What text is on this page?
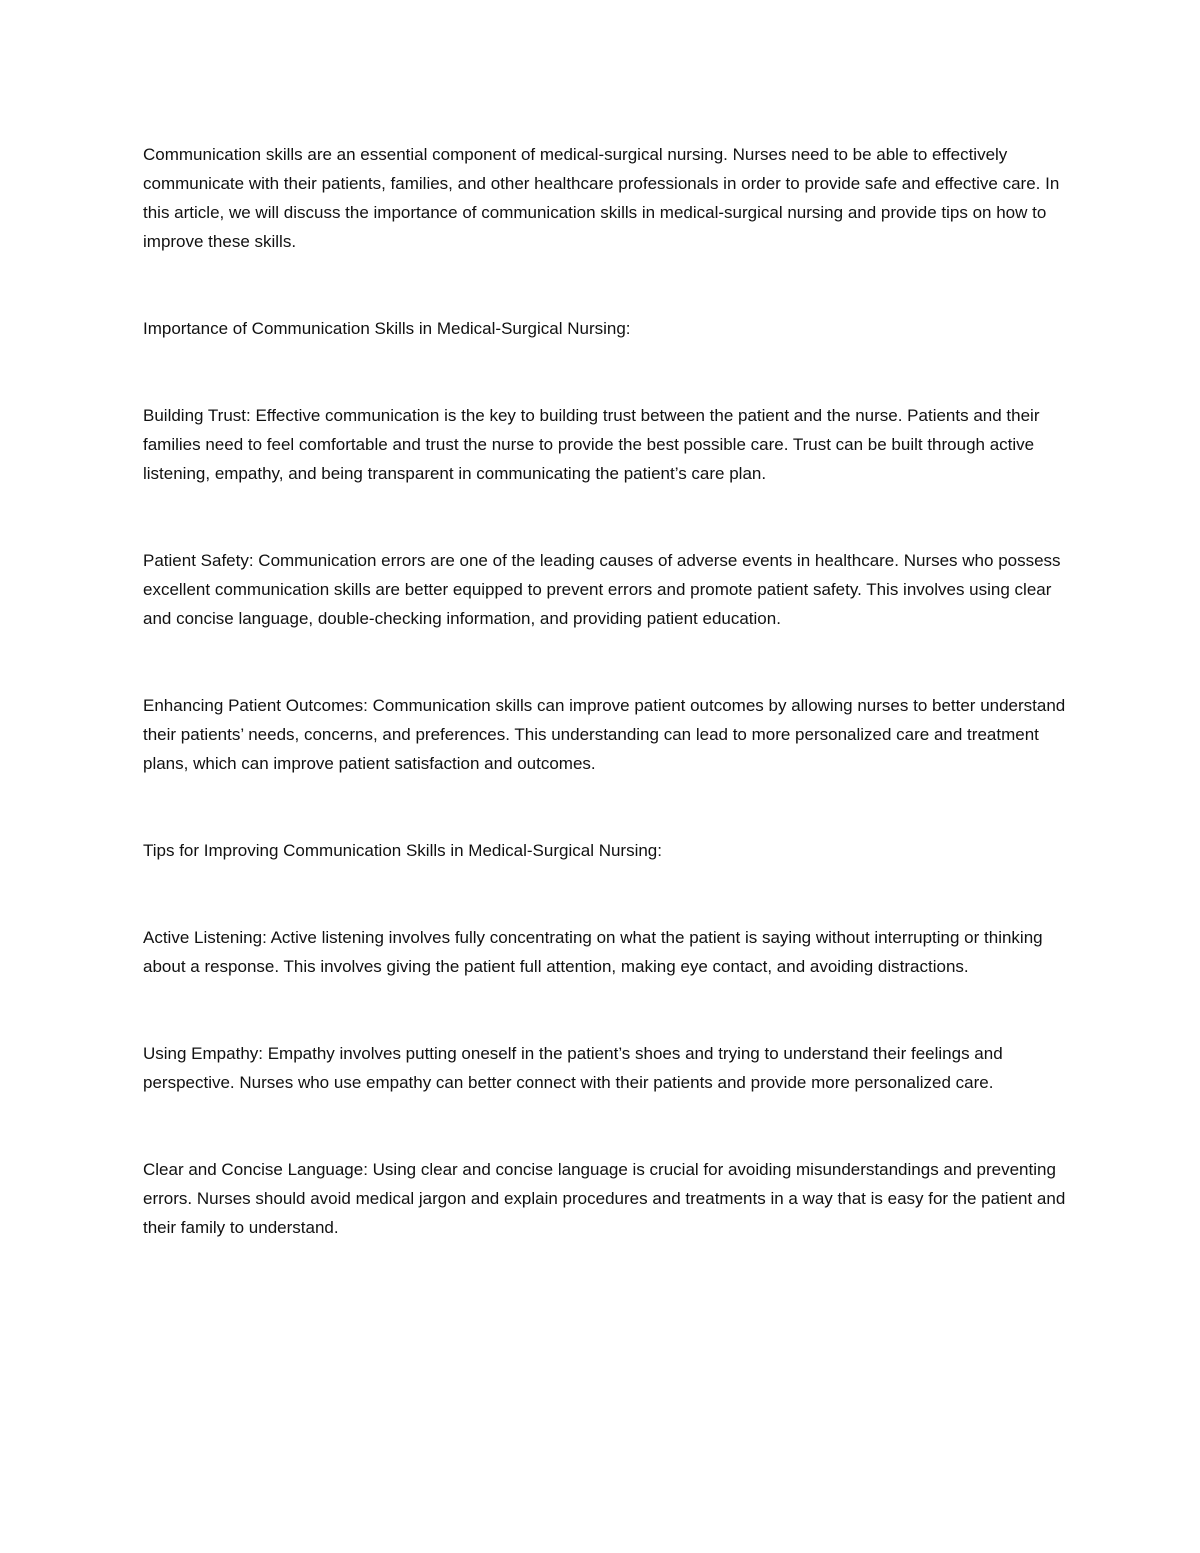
Communication skills are an essential component of medical-surgical nursing. Nurses need to be able to effectively communicate with their patients, families, and other healthcare professionals in order to provide safe and effective care. In this article, we will discuss the importance of communication skills in medical-surgical nursing and provide tips on how to improve these skills.

Importance of Communication Skills in Medical-Surgical Nursing:

Building Trust: Effective communication is the key to building trust between the patient and the nurse. Patients and their families need to feel comfortable and trust the nurse to provide the best possible care. Trust can be built through active listening, empathy, and being transparent in communicating the patient’s care plan.

Patient Safety: Communication errors are one of the leading causes of adverse events in healthcare. Nurses who possess excellent communication skills are better equipped to prevent errors and promote patient safety. This involves using clear and concise language, double-checking information, and providing patient education.

Enhancing Patient Outcomes: Communication skills can improve patient outcomes by allowing nurses to better understand their patients’ needs, concerns, and preferences. This understanding can lead to more personalized care and treatment plans, which can improve patient satisfaction and outcomes.

Tips for Improving Communication Skills in Medical-Surgical Nursing:

Active Listening: Active listening involves fully concentrating on what the patient is saying without interrupting or thinking about a response. This involves giving the patient full attention, making eye contact, and avoiding distractions.

Using Empathy: Empathy involves putting oneself in the patient’s shoes and trying to understand their feelings and perspective. Nurses who use empathy can better connect with their patients and provide more personalized care.

Clear and Concise Language: Using clear and concise language is crucial for avoiding misunderstandings and preventing errors. Nurses should avoid medical jargon and explain procedures and treatments in a way that is easy for the patient and their family to understand.
